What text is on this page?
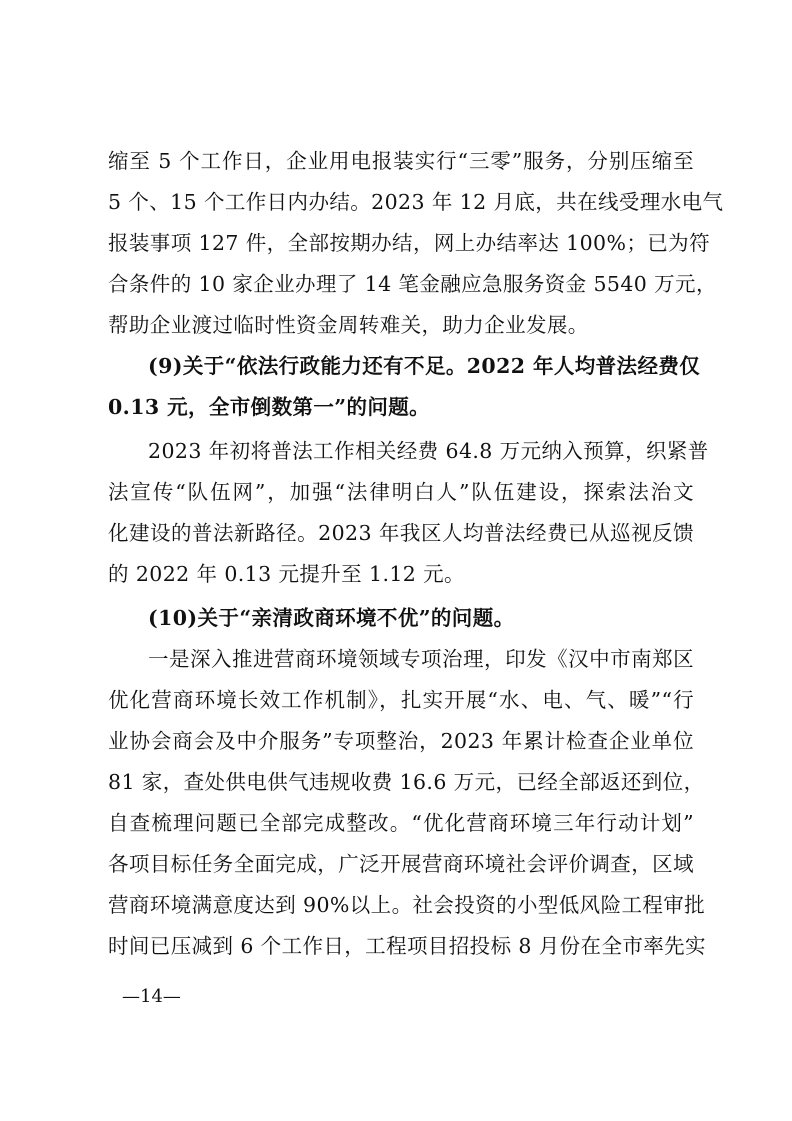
缩至 5 个工作日，企业用电报装实行“三零”服务，分别压缩至
5 个、15 个工作日内办结。2023 年 12 月底，共在线受理水电气
报装事项 127 件，全部按期办结，网上办结率达 100%；已为符
合条件的 10 家企业办理了 14 笔金融应急服务资金 5540 万元，
帮助企业渡过临时性资金周转难关，助力企业发展。
(9)关于“依法行政能力还有不足。2022 年人均普法经费仅
0.13 元，全市倒数第一”的问题。
2023 年初将普法工作相关经费 64.8 万元纳入预算，织紧普
法宣传“队伍网”，加强“法律明白人”队伍建设，探索法治文
化建设的普法新路径。2023 年我区人均普法经费已从巡视反馈
的 2022 年 0.13 元提升至 1.12 元。
(10)关于“亲清政商环境不优”的问题。
一是深入推进营商环境领域专项治理，印发《汉中市南郑区
优化营商环境长效工作机制》，扎实开展“水、电、气、暖”“行
业协会商会及中介服务”专项整治，2023 年累计检查企业单位
81 家，查处供电供气违规收费 16.6 万元，已经全部返还到位，
自查梳理问题已全部完成整改。“优化营商环境三年行动计划”
各项目标任务全面完成，广泛开展营商环境社会评价调查，区域
营商环境满意度达到 90%以上。社会投资的小型低风险工程审批
时间已压减到 6 个工作日，工程项目招投标 8 月份在全市率先实
—14—
